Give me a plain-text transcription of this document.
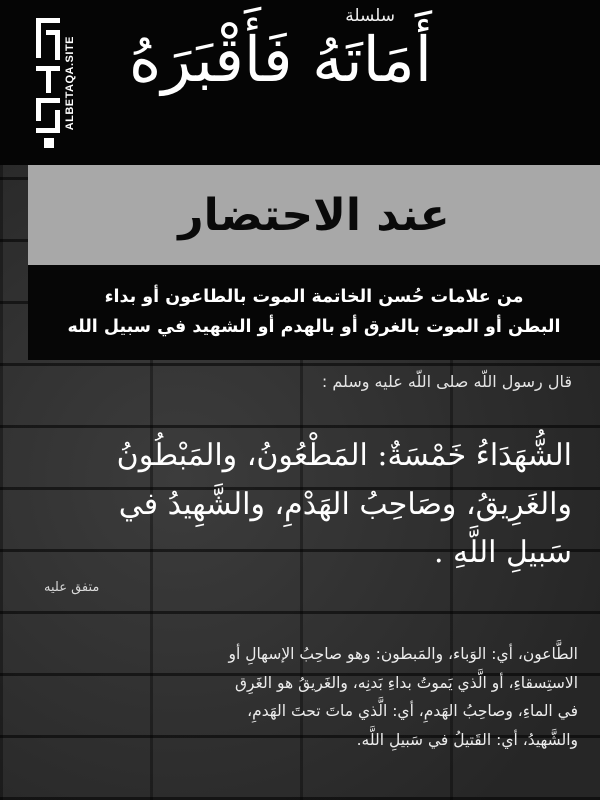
ALBETAQA.SITE
سلسلة
أَمَاتَهُ فَأَقْبَرَهُ
عند الاحتضار
من علامات حُسن الخاتمة الموت بالطاعون أو بداء
البطن أو الموت بالغرق أو بالهدم أو الشهيد في سبيل الله
قال رسول اللّه صلى اللّه عليه وسلم :
الشُّهَدَاءُ خَمْسَةٌ: المَطْعُونُ، والمَبْطُونُ
والغَرِيقُ، وصَاحِبُ الهَدْمِ، والشَّهِيدُ في
سَبيلِ اللَّهِ .
متفق عليه
الطَّاعون، أي: الوَباء، والمَبطون: وهو صاحِبُ الإسهالِ أو
الاستِسقاءِ، أو الَّذي يَموتُ بداءِ بَدنِه، والغَريقُ هو الغَرِق
في الماءِ، وصاحِبُ الهَدمِ، أي: الَّذي ماتَ تحتَ الهَدمِ،
والشَّهيدُ، أي: القَتيلُ في سَبيلِ اللَّه.
